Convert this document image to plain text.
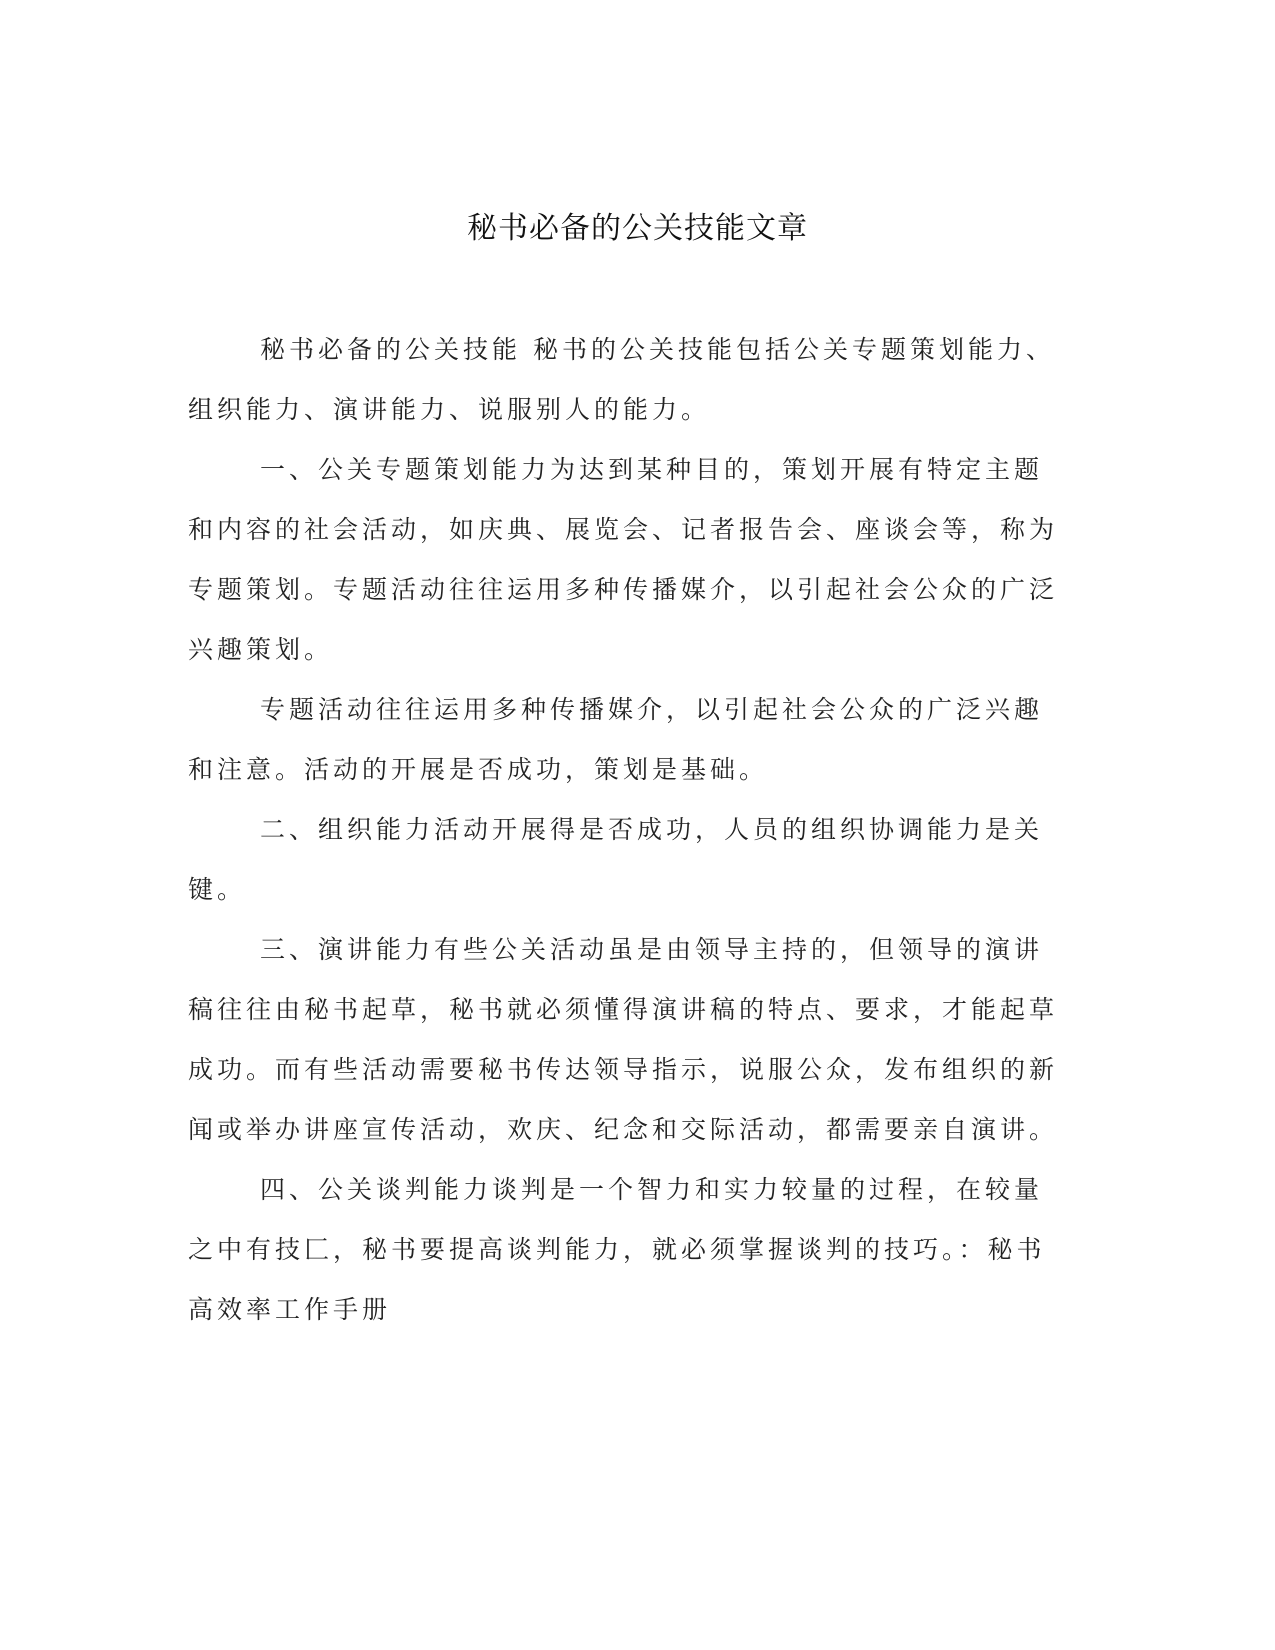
秘书必备的公关技能文章

秘书必备的公关技能 秘书的公关技能包括公关专题策划能力、组织能力、演讲能力、说服别人的能力。

一、公关专题策划能力为达到某种目的，策划开展有特定主题和内容的社会活动，如庆典、展览会、记者报告会、座谈会等，称为专题策划。专题活动往往运用多种传播媒介，以引起社会公众的广泛兴趣策划。

专题活动往往运用多种传播媒介，以引起社会公众的广泛兴趣和注意。活动的开展是否成功，策划是基础。

二、组织能力活动开展得是否成功，人员的组织协调能力是关键。

三、演讲能力有些公关活动虽是由领导主持的，但领导的演讲稿往往由秘书起草，秘书就必须懂得演讲稿的特点、要求，才能起草成功。而有些活动需要秘书传达领导指示，说服公众，发布组织的新闻或举办讲座宣传活动，欢庆、纪念和交际活动，都需要亲自演讲。

四、公关谈判能力谈判是一个智力和实力较量的过程，在较量之中有技匚，秘书要提高谈判能力，就必须掌握谈判的技巧。：秘书高效率工作手册
